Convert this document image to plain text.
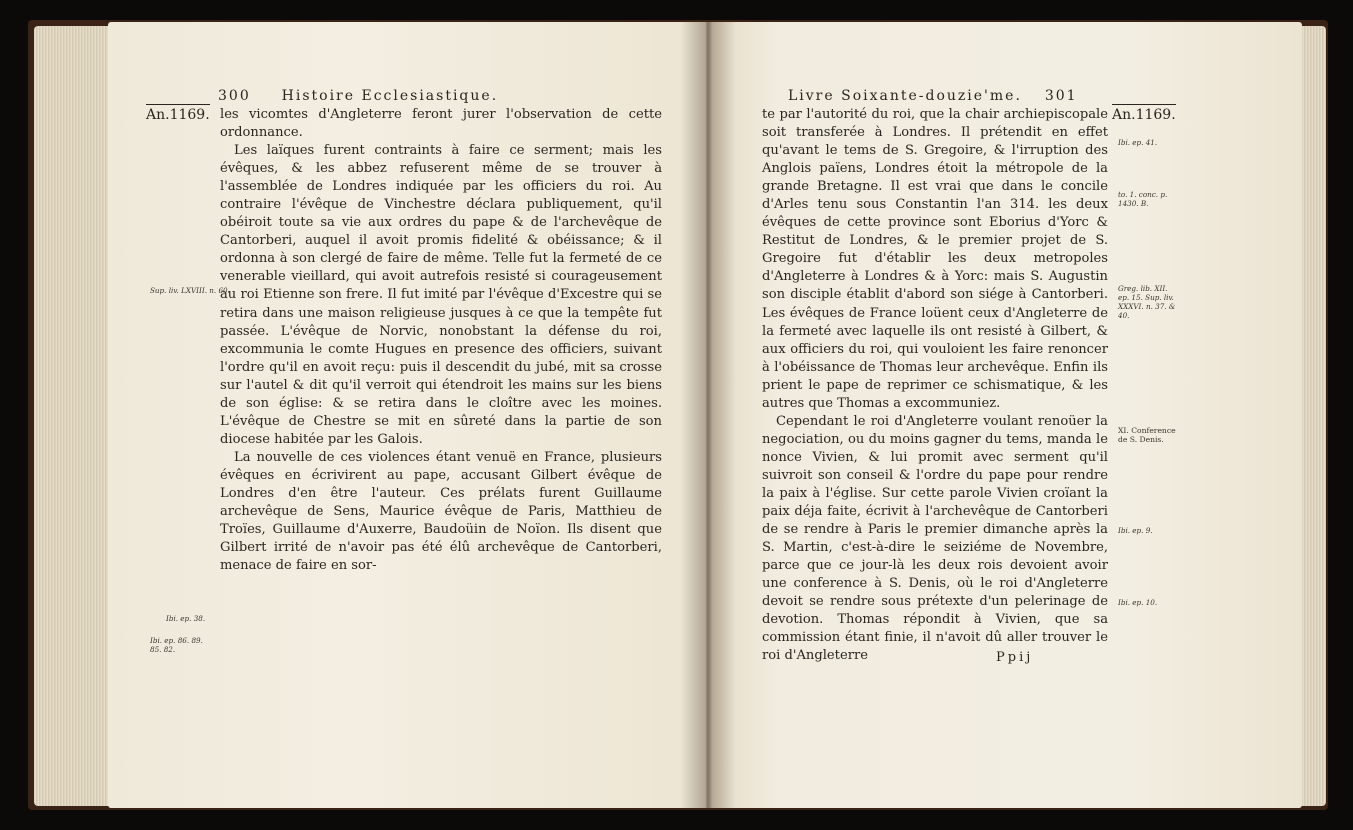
An.1169.
300 Histoire Ecclesiastique.

les vicomtes d'Angleterre feront jurer l'observation de cette ordonnance.

Les laïques furent contraints à faire ce serment; mais les évêques, & les abbez refuserent même de se trouver à l'assemblée de Londres indiquée par les officiers du roi. Au contraire l'évêque de Vinchestre déclara publiquement, qu'il obéiroit toute sa vie aux ordres du pape & de l'archevêque de Cantorberi, auquel il avoit promis fidelité & obéissance; & il ordonna à son clergé de faire de même. Telle fut la fermeté de ce venerable vieillard, qui avoit autrefois resisté si courageusement au roi Etienne son frere. Il fut imité par l'évêque d'Excestre qui se retira dans une maison religieuse jusques à ce que la tempête fut passée. L'évêque de Norvic, nonobstant la défense du roi, excommunia le comte Hugues en presence des officiers, suivant l'ordre qu'il en avoit reçu: puis il descendit du jubé, mit sa crosse sur l'autel & dit qu'il verroit qui étendroit les mains sur les biens de son église: & se retira dans le cloître avec les moines. L'évêque de Chestre se mit en sûreté dans la partie de son diocese habitée par les Galois.

La nouvelle de ces violences étant venuë en France, plusieurs évêques en écrivirent au pape, accusant Gilbert évêque de Londres d'en être l'auteur. Ces prélats furent Guillaume archevêque de Sens, Maurice évêque de Paris, Matthieu de Troïes, Guillaume d'Auxerre, Baudoüin de Noïon. Ils disent que Gilbert irrité de n'avoir pas été élû archevêque de Cantorberi, menace de faire en sor-

Sup. liv. LXVIII. n. 60.
Ibi. ep. 38.
Ibi. ep. 86. 89. 85. 82.
Livre Soixante-douzie'me. 301
An.1169.

te par l'autorité du roi, que la chair archiepiscopale soit transferée à Londres. Il prétendit en effet qu'avant le tems de S. Gregoire, & l'irruption des Anglois païens, Londres étoit la métropole de la grande Bretagne. Il est vrai que dans le concile d'Arles tenu sous Constantin l'an 314. les deux évêques de cette province sont Eborius d'Yorc & Restitut de Londres, & le premier projet de S. Gregoire fut d'établir les deux metropoles d'Angleterre à Londres & à Yorc: mais S. Augustin son disciple établit d'abord son siége à Cantorberi. Les évêques de France loüent ceux d'Angleterre de la fermeté avec laquelle ils ont resisté à Gilbert, & aux officiers du roi, qui vouloient les faire renoncer à l'obéissance de Thomas leur archevêque. Enfin ils prient le pape de reprimer ce schismatique, & les autres que Thomas a excommuniez.

Cependant le roi d'Angleterre voulant renoüer la negociation, ou du moins gagner du tems, manda le nonce Vivien, & lui promit avec serment qu'il suivroit son conseil & l'ordre du pape pour rendre la paix à l'église. Sur cette parole Vivien croïant la paix déja faite, écrivit à l'archevêque de Cantorberi de se rendre à Paris le premier dimanche après la S. Martin, c'est-à-dire le seiziéme de Novembre, parce que ce jour-là les deux rois devoient avoir une conference à S. Denis, où le roi d'Angleterre devoit se rendre sous prétexte d'un pelerinage de devotion. Thomas répondit à Vivien, que sa commission étant finie, il n'avoit dû aller trouver le roi d'Angleterre

Ibi. ep. 41.
to. 1. conc. p. 1430. B.
Greg. lib. XII. ep. 15. Sup. liv. XXXVI. n. 37. & 40.
XI. Conference de S. Denis.
Ibi. ep. 9.
Ibi. ep. 10.
Ppij
